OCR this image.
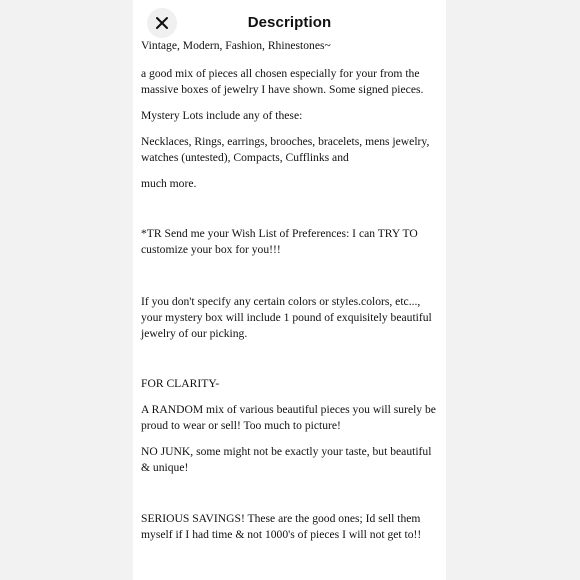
Description

Vintage, Modern, Fashion, Rhinestones~

a good mix of pieces all chosen especially for your from the massive boxes of jewelry I have shown. Some signed pieces.

Mystery Lots include any of these:

Necklaces, Rings, earrings, brooches, bracelets, mens jewelry, watches (untested), Compacts, Cufflinks and

much more.

*TR Send me your Wish List of Preferences: I can TRY TO customize your box for you!!!

If you don't specify any certain colors or styles.colors, etc..., your mystery box will include 1 pound of exquisitely beautiful jewelry of our picking.

FOR CLARITY-

A RANDOM mix of various beautiful pieces you will surely be proud to wear or sell! Too much to picture!

NO JUNK, some might not be exactly your taste, but beautiful & unique!

SERIOUS SAVINGS! These are the good ones; Id sell them myself if I had time & not 1000's of pieces I will not get to!!
